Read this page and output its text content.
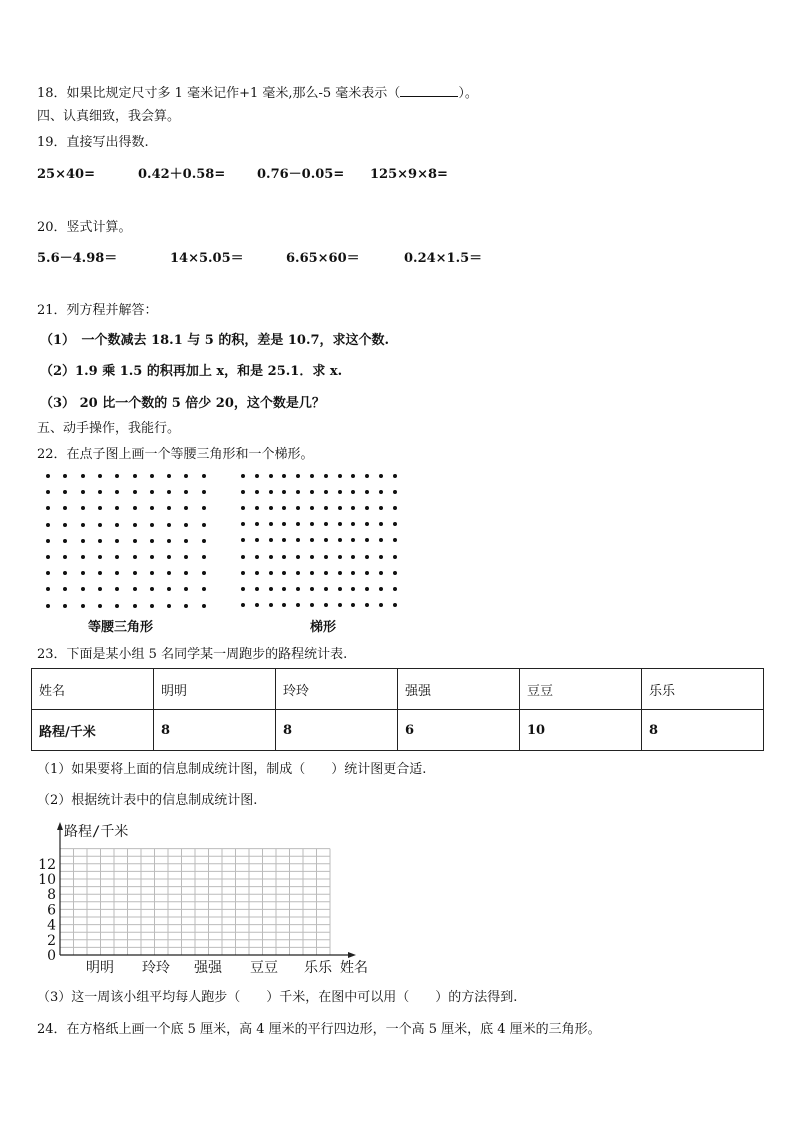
18．如果比规定尺寸多 1 毫米记作+1 毫米,那么-5 毫米表示（	）。
四、认真细致，我会算。
19．直接写出得数.
25×40=	0.42＋0.58= 0.76－0.05= 125×9×8=
20．竖式计算。
5.6－4.98＝	14×5.05＝	6.65×60＝	0.24×1.5＝
21．列方程并解答：
（1）　一个数减去 18.1 与 5 的积，差是 10.7，求这个数.
（2）1.9 乘 1.5 的积再加上 x，和是 25.1．求 x.
（3） 20 比一个数的 5 倍少 20，这个数是几？
五、动手操作，我能行。
22．在点子图上画一个等腰三角形和一个梯形。
等腰三角形	梯形
23．下面是某小组 5 名同学某一周跑步的路程统计表.
姓名	明明	玲玲	强强	豆豆	乐乐
路程/千米	8	8	6	10	8
（1）如果要将上面的信息制成统计图，制成（　　）统计图更合适.
（2）根据统计表中的信息制成统计图.
0
2
4
6
8
10
12
路程/千米
明明 玲玲 强强 豆豆 乐乐 姓名
（3）这一周该小组平均每人跑步（　　）千米，在图中可以用（　　）的方法得到.
24．在方格纸上画一个底 5 厘米，高 4 厘米的平行四边形，一个高 5 厘米，底 4 厘米的三角形。
